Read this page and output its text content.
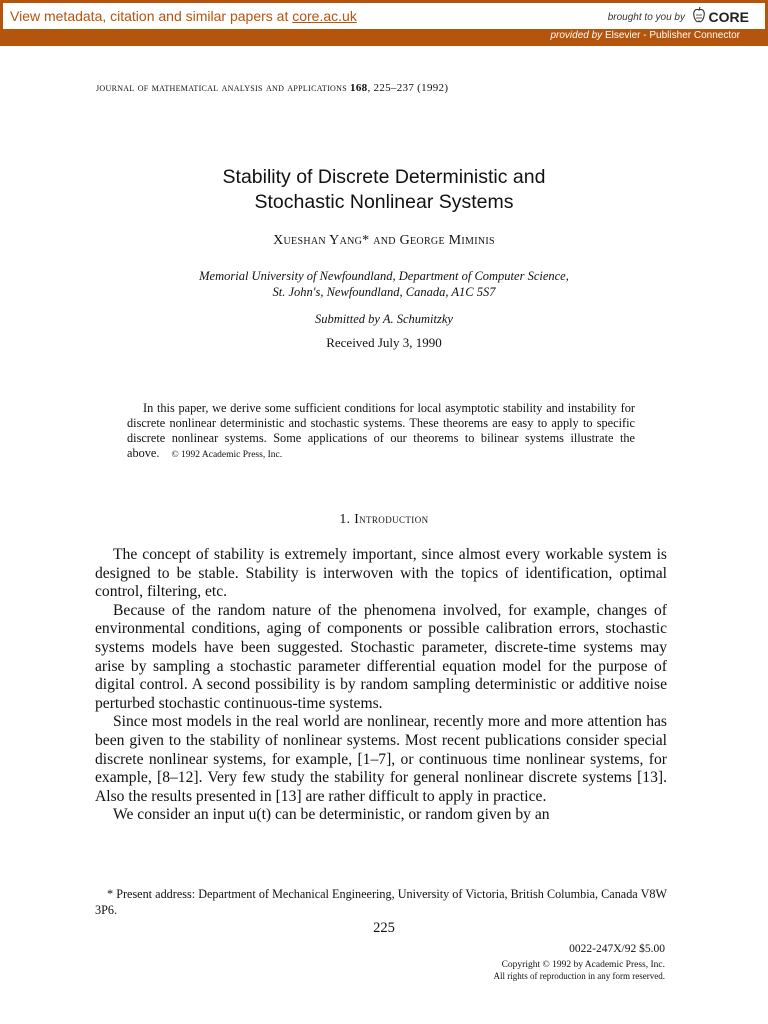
View metadata, citation and similar papers at core.ac.uk	brought to you by CORE
provided by Elsevier - Publisher Connector
journal of mathematical analysis and applications 168, 225–237 (1992)
Stability of Discrete Deterministic and
Stochastic Nonlinear Systems
Xueshan Yang* and George Miminis
Memorial University of Newfoundland, Department of Computer Science,
St. John's, Newfoundland, Canada, A1C 5S7
Submitted by A. Schumitzky
Received July 3, 1990

In this paper, we derive some sufficient conditions for local asymptotic stability and instability for discrete nonlinear deterministic and stochastic systems. These theorems are easy to apply to specific discrete nonlinear systems. Some applications of our theorems to bilinear systems illustrate the above. © 1992 Academic Press, Inc.

1. Introduction

The concept of stability is extremely important, since almost every workable system is designed to be stable. Stability is interwoven with the topics of identification, optimal control, filtering, etc.

Because of the random nature of the phenomena involved, for example, changes of environmental conditions, aging of components or possible calibration errors, stochastic systems models have been suggested. Stochastic parameter, discrete-time systems may arise by sampling a stochastic parameter differential equation model for the purpose of digital control. A second possibility is by random sampling deterministic or additive noise perturbed stochastic continuous-time systems.

Since most models in the real world are nonlinear, recently more and more attention has been given to the stability of nonlinear systems. Most recent publications consider special discrete nonlinear systems, for example, [1–7], or continuous time nonlinear systems, for example, [8–12]. Very few study the stability for general nonlinear discrete systems [13]. Also the results presented in [13] are rather difficult to apply in practice.

We consider an input u(t) can be deterministic, or random given by an

* Present address: Department of Mechanical Engineering, University of Victoria, British Columbia, Canada V8W 3P6.

225
0022-247X/92 $5.00
Copyright © 1992 by Academic Press, Inc.
All rights of reproduction in any form reserved.
